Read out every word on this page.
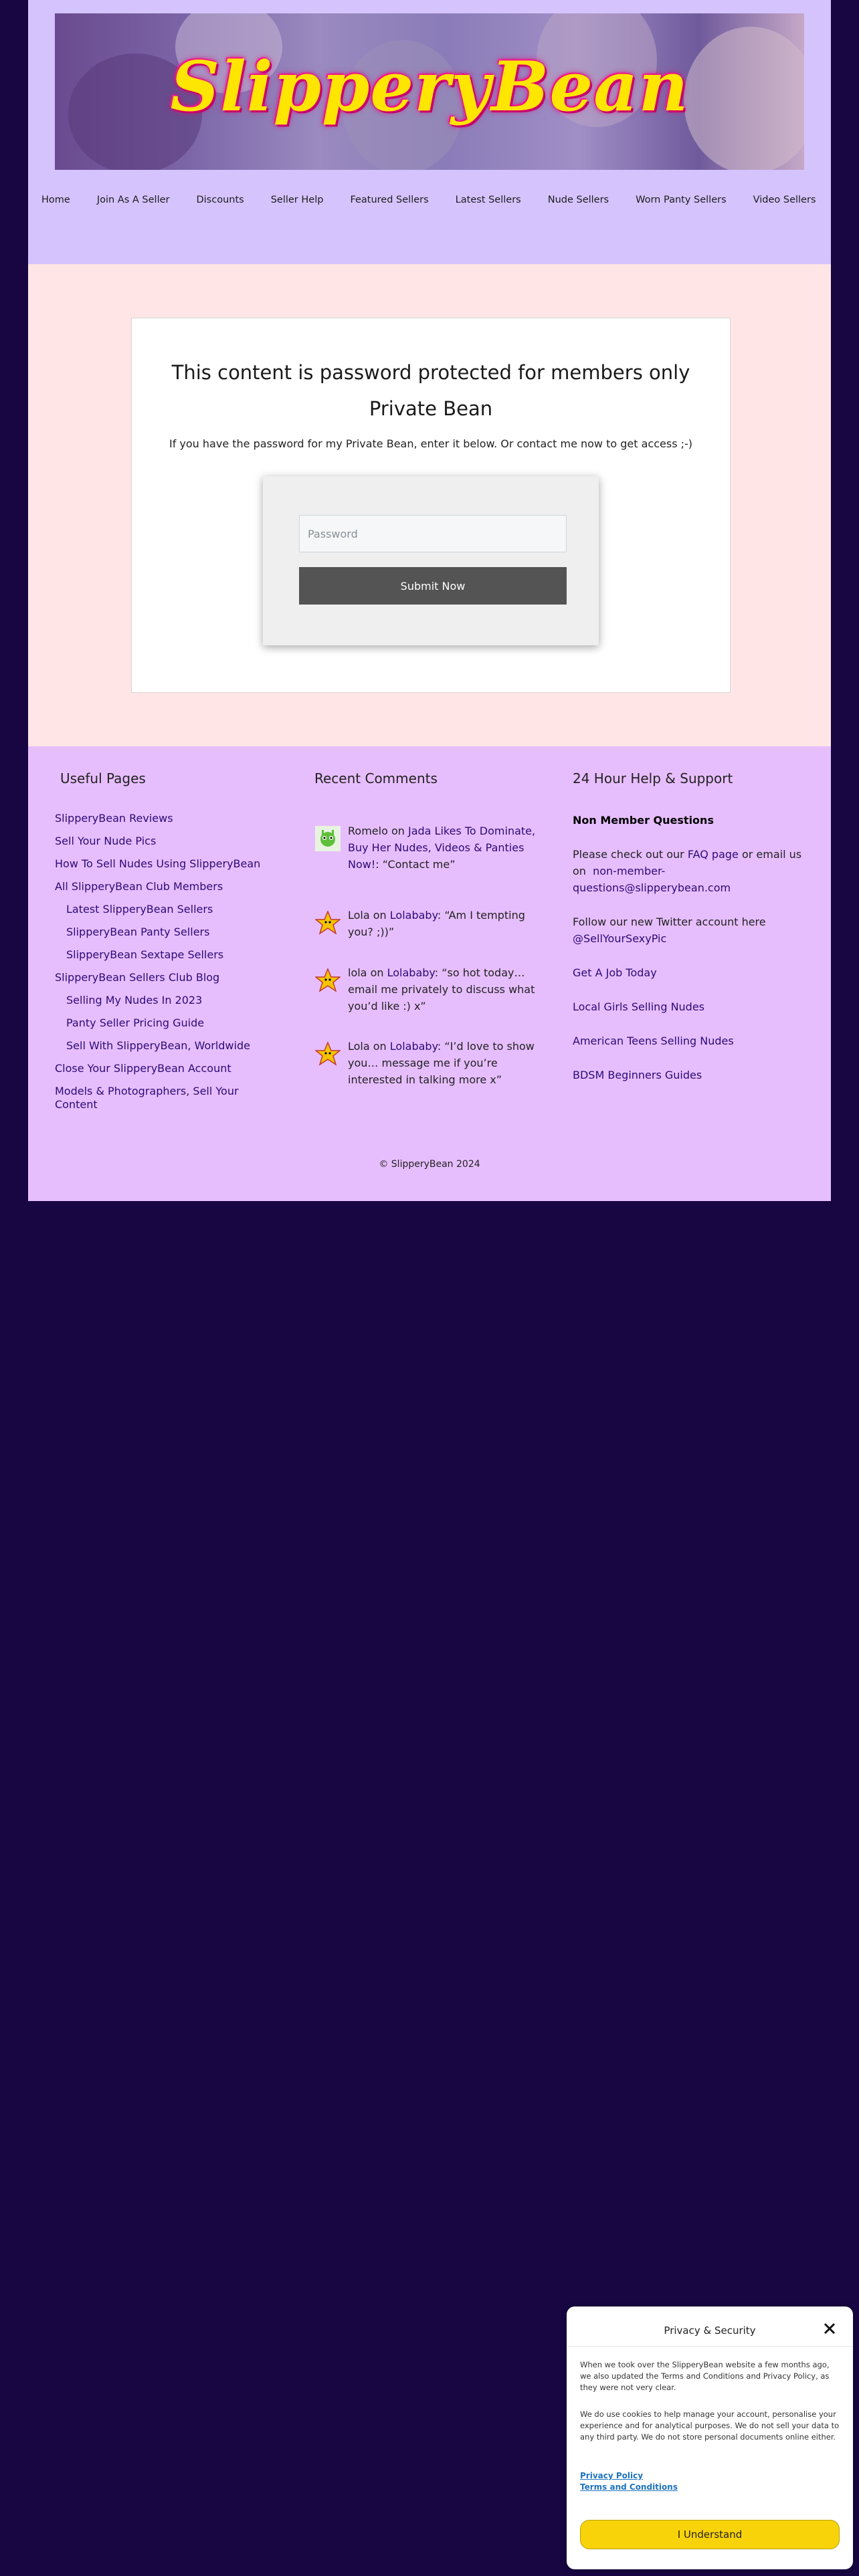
SlipperyBean
Home	Join As A Seller	Discounts	Seller Help	Featured Sellers	Latest Sellers	Nude Sellers	Worn Panty Sellers	Video Sellers
This content is password protected for members only
Private Bean

If you have the password for my Private Bean, enter it below. Or contact me now to get access ;-)

Submit Now
Useful Pages
SlipperyBean Reviews
Sell Your Nude Pics
How To Sell Nudes Using SlipperyBean
All SlipperyBean Club Members
Latest SlipperyBean Sellers
SlipperyBean Panty Sellers
SlipperyBean Sextape Sellers
SlipperyBean Sellers Club Blog
Selling My Nudes In 2023
Panty Seller Pricing Guide
Sell With SlipperyBean, Worldwide
Close Your SlipperyBean Account
Models & Photographers, Sell Your Content
Recent Comments
Romelo on Jada Likes To Dominate, Buy Her Nudes, Videos & Panties Now!: “Contact me”
Lola on Lolababy: “Am I tempting you? ;))”
lola on Lolababy: “so hot today… email me privately to discuss what you’d like :) x”
Lola on Lolababy: “I’d love to show you… message me if you’re interested in talking more x”
24 Hour Help & Support
Non Member Questions
Please check out our FAQ page or email us on non-member-questions@slipperybean.com
Follow our new Twitter account here
@SellYourSexyPic
Get A Job Today
Local Girls Selling Nudes
American Teens Selling Nudes
BDSM Beginners Guides
© SlipperyBean 2024
Privacy & Security

When we took over the SlipperyBean website a few months ago, we also updated the Terms and Conditions and Privacy Policy, as they were not very clear.

We do use cookies to help manage your account, personalise your experience and for analytical purposes. We do not sell your data to any third party. We do not store personal documents online either.

Privacy Policy
Terms and Conditions
I Understand
